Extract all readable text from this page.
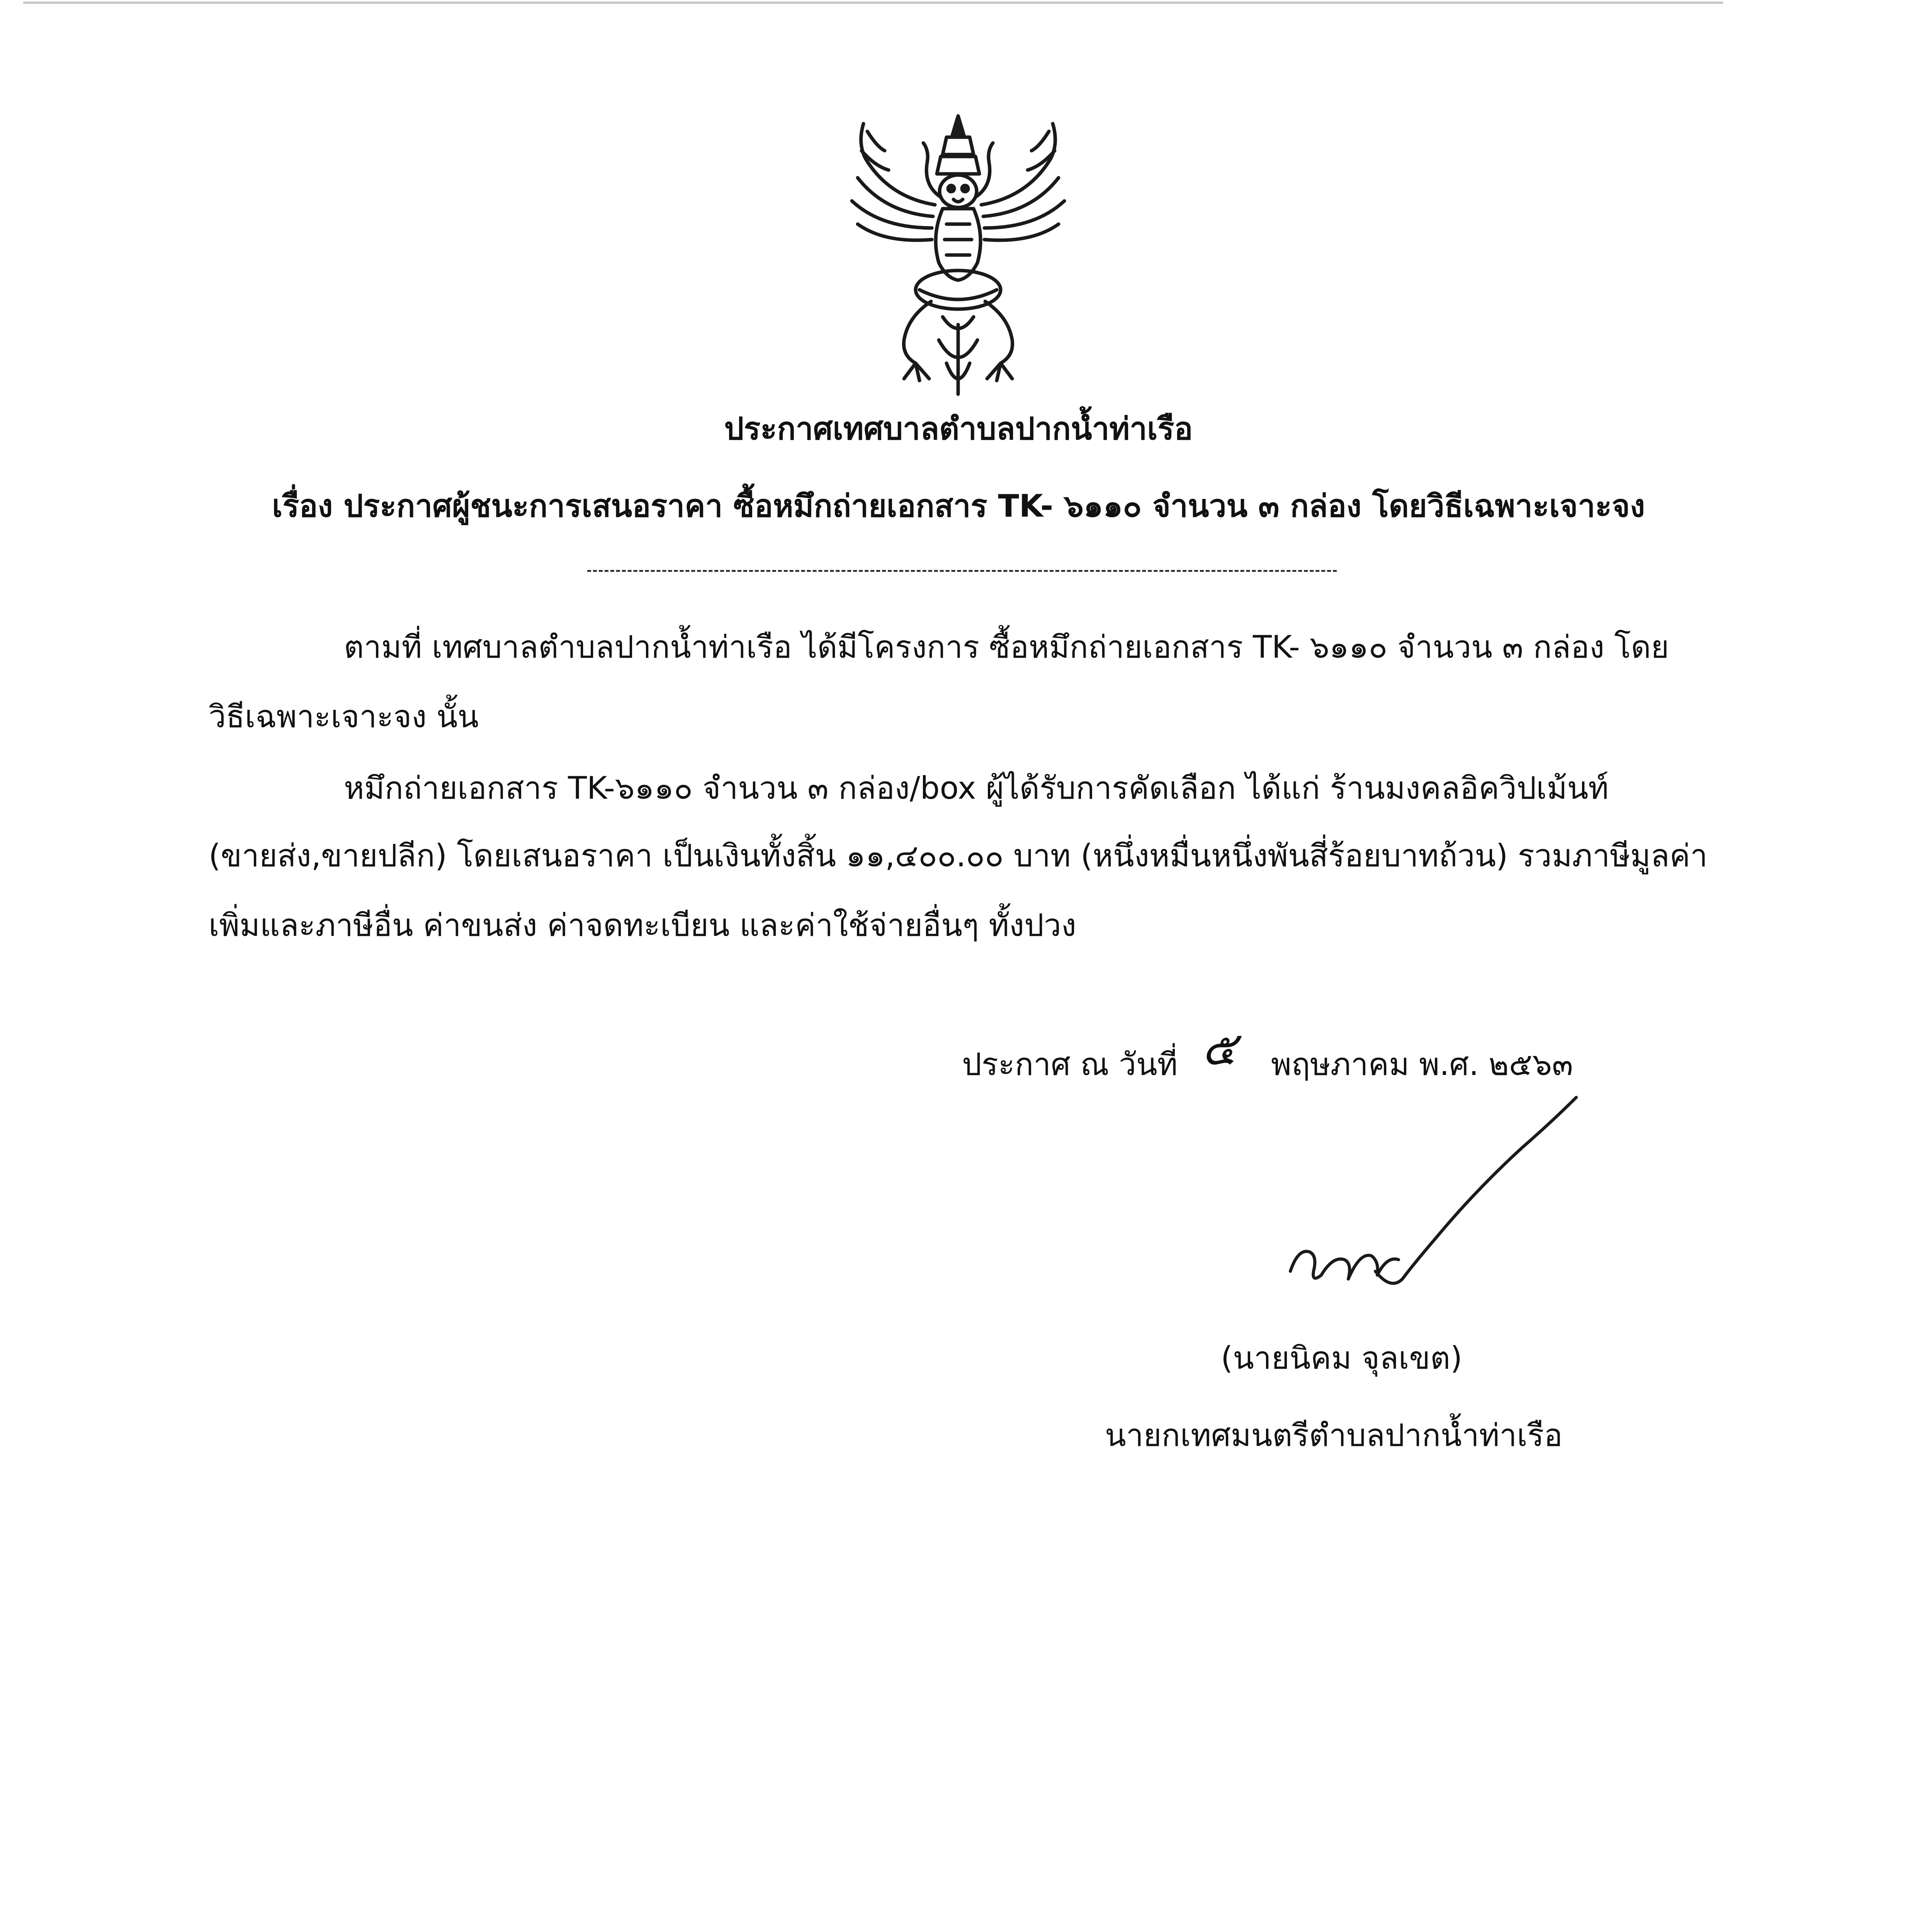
ประกาศเทศบาลตำบลปากน้ำท่าเรือ
เรื่อง ประกาศผู้ชนะการเสนอราคา ซื้อหมึกถ่ายเอกสาร TK- ๖๑๑๐ จำนวน ๓ กล่อง โดยวิธีเฉพาะเจาะจง
ตามที่ เทศบาลตำบลปากน้ำท่าเรือ ได้มีโครงการ ซื้อหมึกถ่ายเอกสาร TK- ๖๑๑๐ จำนวน ๓ กล่อง โดย
วิธีเฉพาะเจาะจง นั้น
หมึกถ่ายเอกสาร TK-๖๑๑๐ จำนวน ๓ กล่อง/box ผู้ได้รับการคัดเลือก ได้แก่ ร้านมงคลอิควิปเม้นท์
(ขายส่ง,ขายปลีก) โดยเสนอราคา เป็นเงินทั้งสิ้น ๑๑,๔๐๐.๐๐ บาท (หนึ่งหมื่นหนึ่งพันสี่ร้อยบาทถ้วน) รวมภาษีมูลค่า
เพิ่มและภาษีอื่น ค่าขนส่ง ค่าจดทะเบียน และค่าใช้จ่ายอื่นๆ ทั้งปวง
ประกาศ ณ วันที่ ๕ พฤษภาคม พ.ศ. ๒๕๖๓
(นายนิคม จุลเขต)
นายกเทศมนตรีตำบลปากน้ำท่าเรือ
